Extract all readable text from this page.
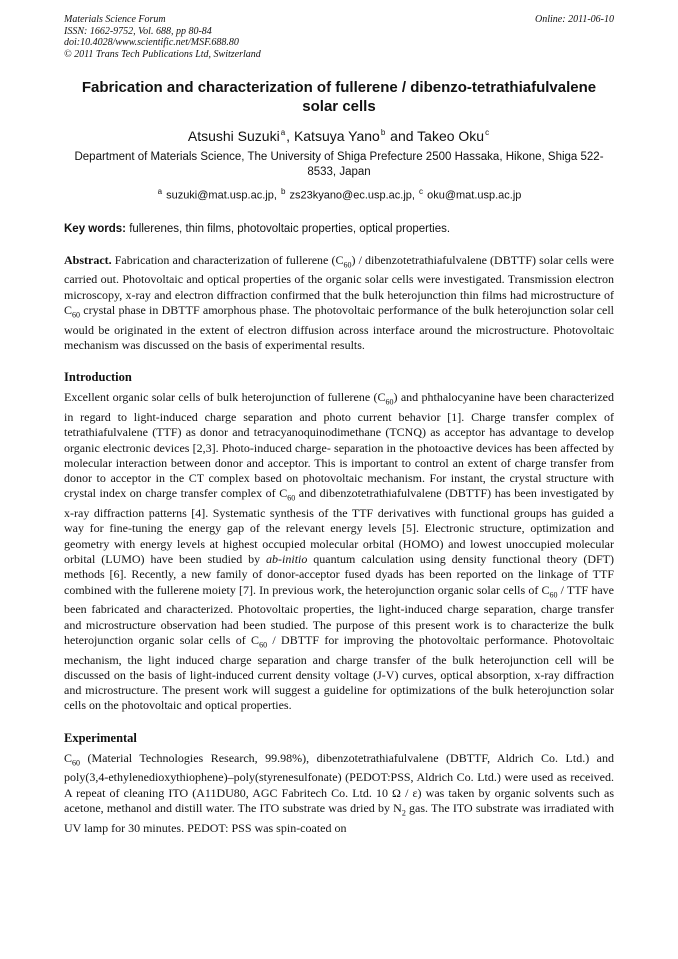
Materials Science Forum
ISSN: 1662-9752, Vol. 688, pp 80-84
doi:10.4028/www.scientific.net/MSF.688.80
© 2011 Trans Tech Publications Ltd, Switzerland
Online: 2011-06-10
Fabrication and characterization of fullerene / dibenzo-tetrathiafulvalene solar cells
Atsushi Suzuki$^a$, Katsuya Yano$^b$ and Takeo Oku$^c$
Department of Materials Science, The University of Shiga Prefecture 2500 Hassaka, Hikone, Shiga 522-8533, Japan
$^a$ suzuki@mat.usp.ac.jp, $^b$ zs23kyano@ec.usp.ac.jp, $^c$ oku@mat.usp.ac.jp
Key words: fullerenes, thin films, photovoltaic properties, optical properties.
Abstract. Fabrication and characterization of fullerene $(C_{60})$ / dibenzotetrathiafulvalene (DBTTF) solar cells were carried out. Photovoltaic and optical properties of the organic solar cells were investigated. Transmission electron microscopy, x-ray and electron diffraction confirmed that the bulk heterojunction thin films had microstructure of $C_{60}$ crystal phase in DBTTF amorphous phase. The photovoltaic performance of the bulk heterojunction solar cell would be originated in the extent of electron diffusion across interface around the microstructure. Photovoltaic mechanism was discussed on the basis of experimental results.
Introduction
Excellent organic solar cells of bulk heterojunction of fullerene $(C_{60})$ and phthalocyanine have been characterized in regard to light-induced charge separation and photo current behavior [1]. Charge transfer complex of tetrathiafulvalene (TTF) as donor and tetracyanoquinodimethane (TCNQ) as acceptor has advantage to develop organic electronic devices [2,3]. Photo-induced charge- separation in the photoactive devices has been affected by molecular interaction between donor and acceptor. This is important to control an extent of charge transfer from donor to acceptor in the CT complex based on photovoltaic mechanism. For instant, the crystal structure with crystal index on charge transfer complex of $C_{60}$ and dibenzotetrathiafulvalene (DBTTF) has been investigated by x-ray diffraction patterns [4]. Systematic synthesis of the TTF derivatives with functional groups has guided a way for fine-tuning the energy gap of the relevant energy levels [5]. Electronic structure, optimization and geometry with energy levels at highest occupied molecular orbital (HOMO) and lowest unoccupied molecular orbital (LUMO) have been studied by ab-initio quantum calculation using density functional theory (DFT) methods [6]. Recently, a new family of donor-acceptor fused dyads has been reported on the linkage of TTF combined with the fullerene moiety [7]. In previous work, the heterojunction organic solar cells of $C_{60}$ / TTF have been fabricated and characterized. Photovoltaic properties, the light-induced charge separation, charge transfer and microstructure observation had been studied. The purpose of this present work is to characterize the bulk heterojunction organic solar cells of $C_{60}$ / DBTTF for improving the photovoltaic performance. Photovoltaic mechanism, the light induced charge separation and charge transfer of the bulk heterojunction cell will be discussed on the basis of light-induced current density voltage (J-V) curves, optical absorption, x-ray diffraction and microstructure. The present work will suggest a guideline for optimizations of the bulk heterojunction solar cells on the photovoltaic and optical properties.
Experimental
$C_{60}$ (Material Technologies Research, 99.98%), dibenzotetrathiafulvalene (DBTTF, Aldrich Co. Ltd.) and poly(3,4-ethylenedioxythiophene)–poly(styrenesulfonate) (PEDOT:PSS, Aldrich Co. Ltd.) were used as received. A repeat of cleaning ITO (A11DU80, AGC Fabritech Co. Ltd. 10 Ω / ε) was taken by organic solvents such as acetone, methanol and distill water. The ITO substrate was dried by $N_2$ gas. The ITO substrate was irradiated with UV lamp for 30 minutes. PEDOT: PSS was spin-coated on
